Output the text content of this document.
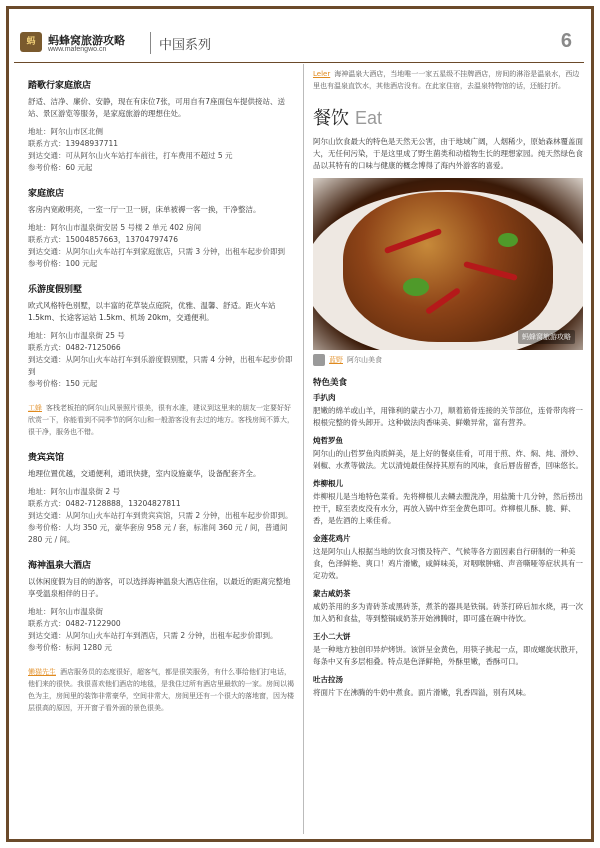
蚂	蚂蜂窝旅游攻略
www.mafengwo.cn	中国系列	6
踏歌行家庭旅店
舒适、洁净、廉价、安静，现在有床位7张，可用自有7座面包车提供接站、送站、景区游览等服务，是家庭旅游的理想住处。
地址：阿尔山市区北侧
联系方式：13948937711
到达交通：可从阿尔山火车站打车前往，打车费用不超过 5 元
参考价格：60 元起
家庭旅店
客房内宽敞明亮，一室一厅一卫一厨，床单被褥一客一换，干净整洁。
地址：阿尔山市温泉街安居 5 号楼 2 单元 402 房间
联系方式：15004857663，13704797476
到达交通：从阿尔山火车站打车到家庭旅店，只需 3 分钟，出租车起步价即到
参考价格：100 元起
乐游度假别墅
欧式风格特色别墅，以丰富的花草装点庭院，优雅、温馨、舒适。距火车站 1.5km、长途客运站 1.5km、机场 20km，交通便利。
地址：阿尔山市温泉街 25 号
联系方式：0482-7125066
到达交通：从阿尔山火车站打车到乐游度假别墅，只需 4 分钟，出租车起步价即到
参考价格：150 元起
工蜂 客栈老板拍的阿尔山风景照片很美，很有水准，建议到这里来的朋友一定要好好欣赏一下，你能看到不同季节的阿尔山和一般游客没有去过的地方。客栈房间不算大，很干净，服务也不错。
贵宾宾馆
地理位置优越，交通便利，通讯快捷，室内设施豪华，设备配套齐全。
地址：阿尔山市温泉街 2 号
联系方式：0482-7128888，13204827811
到达交通：从阿尔山火车站打车到贵宾宾馆，只需 2 分钟，出租车起步价即到。
参考价格：人均 350 元，豪华套房 958 元 / 套，标准间 360 元 / 间，普通间 280 元 / 间。
海神温泉大酒店
以休闲度假为目的的游客，可以选择海神温泉大酒店住宿，以最近的距离完整地享受温泉相伴的日子。
地址：阿尔山市温泉街
联系方式：0482-7122900
到达交通：从阿尔山火车站打车到酒店，只需 2 分钟，出租车起步价即到。
参考价格：标间 1280 元
懒猫先生 酒店服务员的态度很好，超客气，都是很笑服务，有什么事给他们打电话，他们来的很快。我很喜欢他们酒店的地毯，是我住过所有酒店里最软的一家。房间以褐色为主，房间里的装饰非常豪华，空间非常大，房间里还有一个很大的落地窗，因为楼层很高的原因，开开窗子看外面的景色很美。
Leler 海神温泉大酒店，当地唯一一家五星级不挂牌酒店，房间的淋浴是温泉水，西边里也有温泉直饮水，其他酒店没有。在此家住宿，去温泉特物馆的话，还能打折。
餐饮 Eat
阿尔山饮食最大的特色是天然无公害，由于地域广阔，人烟稀少，原始森林覆盖面大，无任何污染，于是这里成了野生菌类和动植物生长的理想家园。纯天然绿色食品以其特有的口味与健康的概念博得了海内外游客的喜爱。
蚂蜂窝旅游攻略
蓝野 阿尔山美食
特色美食
手扒肉
肥嫩的绵羊或山羊，用锋利的蒙古小刀，顺着筋骨连接的关节部位，连骨带肉将一根根完整的骨头卸开。这种做法肉香味美、鲜嫩异常，富有营养。
炖哲罗鱼
阿尔山的山哲罗鱼肉质鲜美，是上好的餐桌佳肴，可用于煎、炸、焖、炖、滑炒、剁椒、水煮等做法。尤以清炖最佳保持其原有的风味，食后唇齿留香，回味悠长。
炸柳根儿
炸柳根儿是当地特色菜肴。先将柳根儿去鳞去膛洗净，用盐腌十几分钟，然后捞出控干，晾至表皮没有水分，再放入锅中炸至金黄色即可。炸柳根儿酥、脆、鲜、香，是佐酒的上乘佳肴。
金莲花鸡片
这是阿尔山人根据当地的饮食习惯及特产、气候等各方面因素自行研制的一种美食，色泽鲜艳、爽口！鸡片滑嫩，咸鲜味美，对咽喉肿痛、声音嘶哑等症状具有一定功效。
蒙古咸奶茶
咸奶茶用的多为青砖茶或黑砖茶，煮茶的器具是铁锅。砖茶打碎后加水烧，再一次加入奶和食盐，等到整锅咸奶茶开始沸腾时，即可盛在碗中待饮。
王小二大饼
是一种地方独创印异炉烤饼。该饼呈金黄色，用筷子挑起一点，即成螺旋状散开，每条中又有多层相叠。特点是色泽鲜艳，外酥里嫩，香酥可口。
吐古拉汤
将面片下在沸腾的牛奶中煮食。面片滑嫩，乳香四溢，别有风味。
